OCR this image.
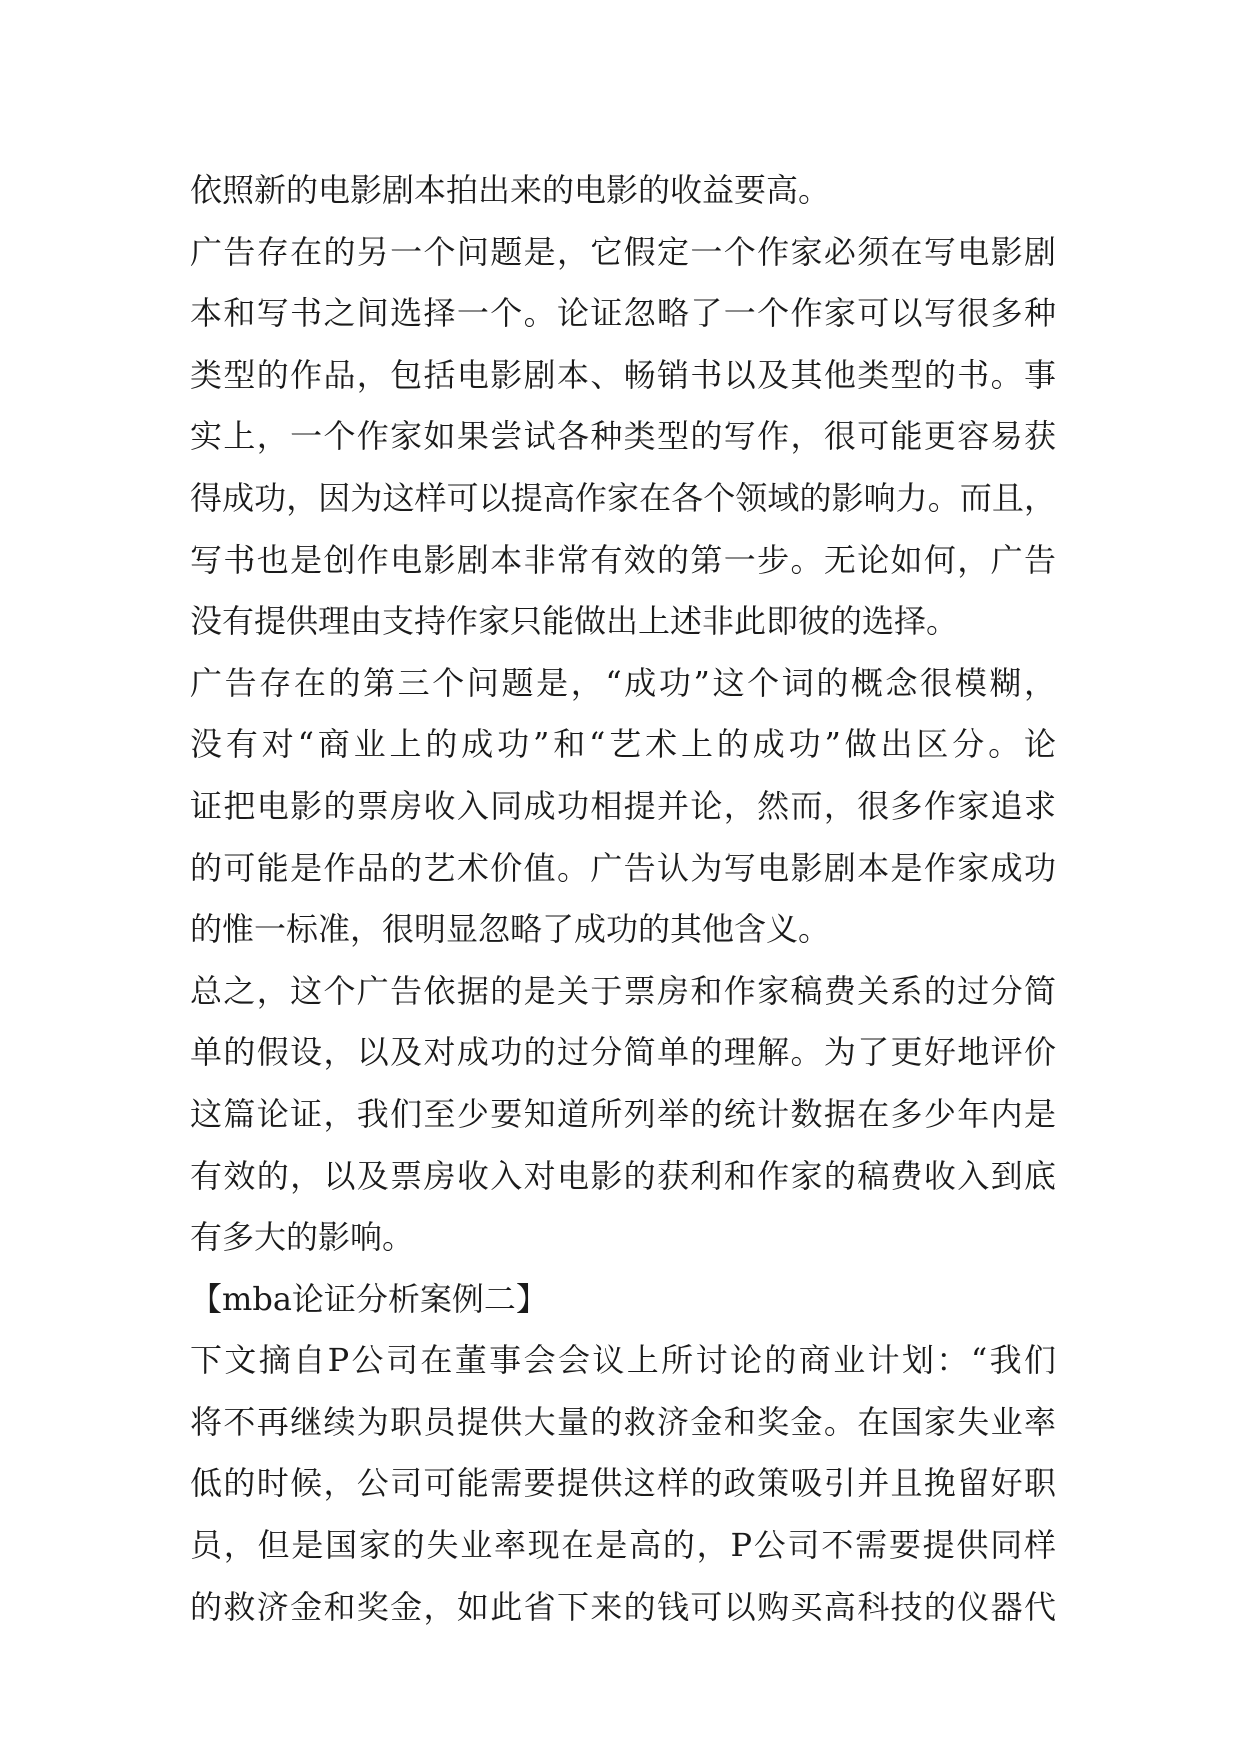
依照新的电影剧本拍出来的电影的收益要高。
广告存在的另一个问题是，它假定一个作家必须在写电影剧
本和写书之间选择一个。论证忽略了一个作家可以写很多种
类型的作品，包括电影剧本、畅销书以及其他类型的书。事
实上，一个作家如果尝试各种类型的写作，很可能更容易获
得成功，因为这样可以提高作家在各个领域的影响力。而且，
写书也是创作电影剧本非常有效的第一步。无论如何，广告
没有提供理由支持作家只能做出上述非此即彼的选择。
广告存在的第三个问题是，“成功”这个词的概念很模糊，
没有对“商业上的成功”和“艺术上的成功”做出区分。论
证把电影的票房收入同成功相提并论，然而，很多作家追求
的可能是作品的艺术价值。广告认为写电影剧本是作家成功
的惟一标准，很明显忽略了成功的其他含义。
总之，这个广告依据的是关于票房和作家稿费关系的过分简
单的假设，以及对成功的过分简单的理解。为了更好地评价
这篇论证，我们至少要知道所列举的统计数据在多少年内是
有效的，以及票房收入对电影的获利和作家的稿费收入到底
有多大的影响。
【mba论证分析案例二】
下文摘自P公司在董事会会议上所讨论的商业计划：“我们
将不再继续为职员提供大量的救济金和奖金。在国家失业率
低的时候，公司可能需要提供这样的政策吸引并且挽留好职
员，但是国家的失业率现在是高的，P公司不需要提供同样
的救济金和奖金，如此省下来的钱可以购买高科技的仪器代
